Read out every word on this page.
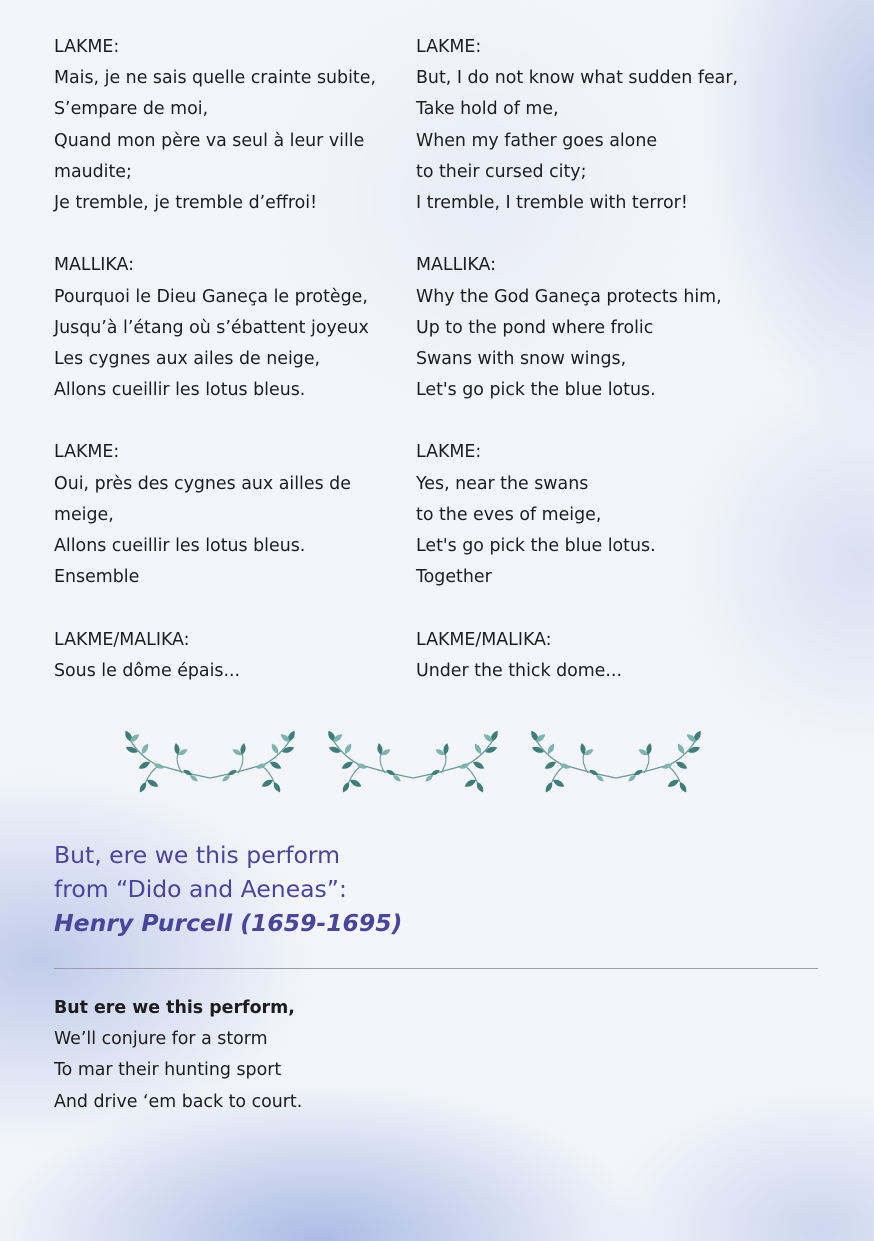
LAKME:
Mais, je ne sais quelle crainte subite,
S’empare de moi,
Quand mon père va seul à leur ville
maudite;
Je tremble, je tremble d’effroi!
MALLIKA:
Pourquoi le Dieu Ganeça le protège,
Jusqu’à l’étang où s’ébattent joyeux
Les cygnes aux ailes de neige,
Allons cueillir les lotus bleus.
LAKME:
Oui, près des cygnes aux ailles de
meige,
Allons cueillir les lotus bleus.
Ensemble
LAKME/MALIKA:
Sous le dôme épais...
LAKME:
But, I do not know what sudden fear,
Take hold of me,
When my father goes alone
to their cursed city;
I tremble, I tremble with terror!
MALLIKA:
Why the God Ganeça protects him,
Up to the pond where frolic
Swans with snow wings,
Let's go pick the blue lotus.
LAKME:
Yes, near the swans
to the eves of meige,
Let's go pick the blue lotus.
Together
LAKME/MALIKA:
Under the thick dome...
But, ere we this perform
from “Dido and Aeneas”:
Henry Purcell (1659-1695)
But ere we this perform,
We’ll conjure for a storm
To mar their hunting sport
And drive ‘em back to court.
